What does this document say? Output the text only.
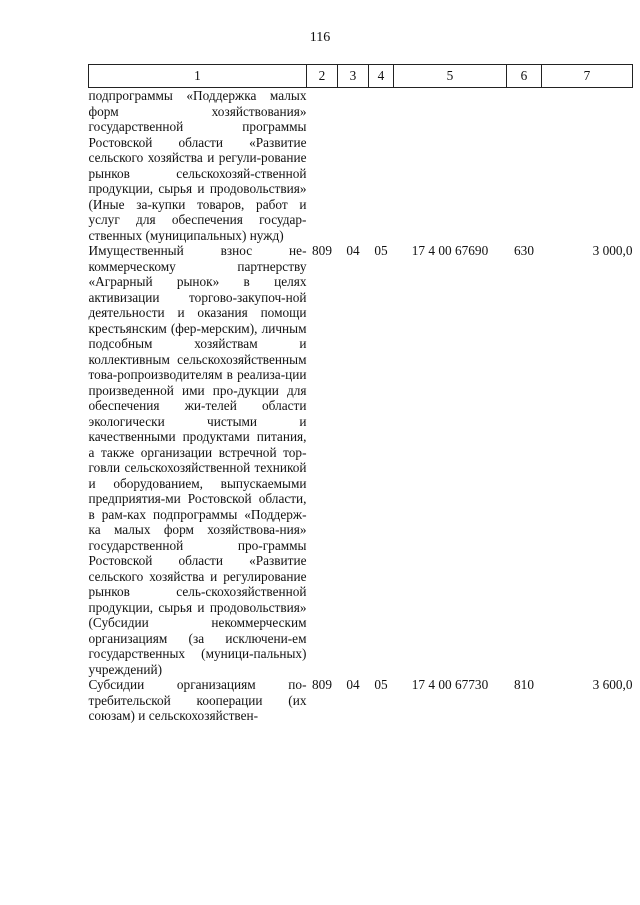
116
1	2	3	4	5	6	7
подпрограммы «Поддержка малых форм хозяйствования» государственной программы Ростовской области «Развитие сельского хозяйства и регули-рование рынков сельскохозяй-ственной продукции, сырья и продовольствия» (Иные за-купки товаров, работ и услуг для обеспечения государ-ственных (муниципальных) нужд)						
Имущественный взнос не-коммерческому партнерству «Аграрный рынок» в целях активизации торгово-закупоч-ной деятельности и оказания помощи крестьянским (фер-мерским), личным подсобным хозяйствам и коллективным сельскохозяйственным това-ропроизводителям в реализа-ции произведенной ими про-дукции для обеспечения жи-телей области экологически чистыми и качественными продуктами питания, а также организации встречной тор-говли сельскохозяйственной техникой и оборудованием, выпускаемыми предприятия-ми Ростовской области, в рам-ках подпрограммы «Поддерж-ка малых форм хозяйствова-ния» государственной про-граммы Ростовской области «Развитие сельского хозяйства и регулирование рынков сель-скохозяйственной продукции, сырья и продовольствия» (Субсидии некоммерческим организациям (за исключени-ем государственных (муници-пальных) учреждений)	809	04	05	17 4 00 67690	630	3 000,0
Субсидии организациям по-требительской кооперации (их союзам) и сельскохозяйствен-	809	04	05	17 4 00 67730	810	3 600,0
